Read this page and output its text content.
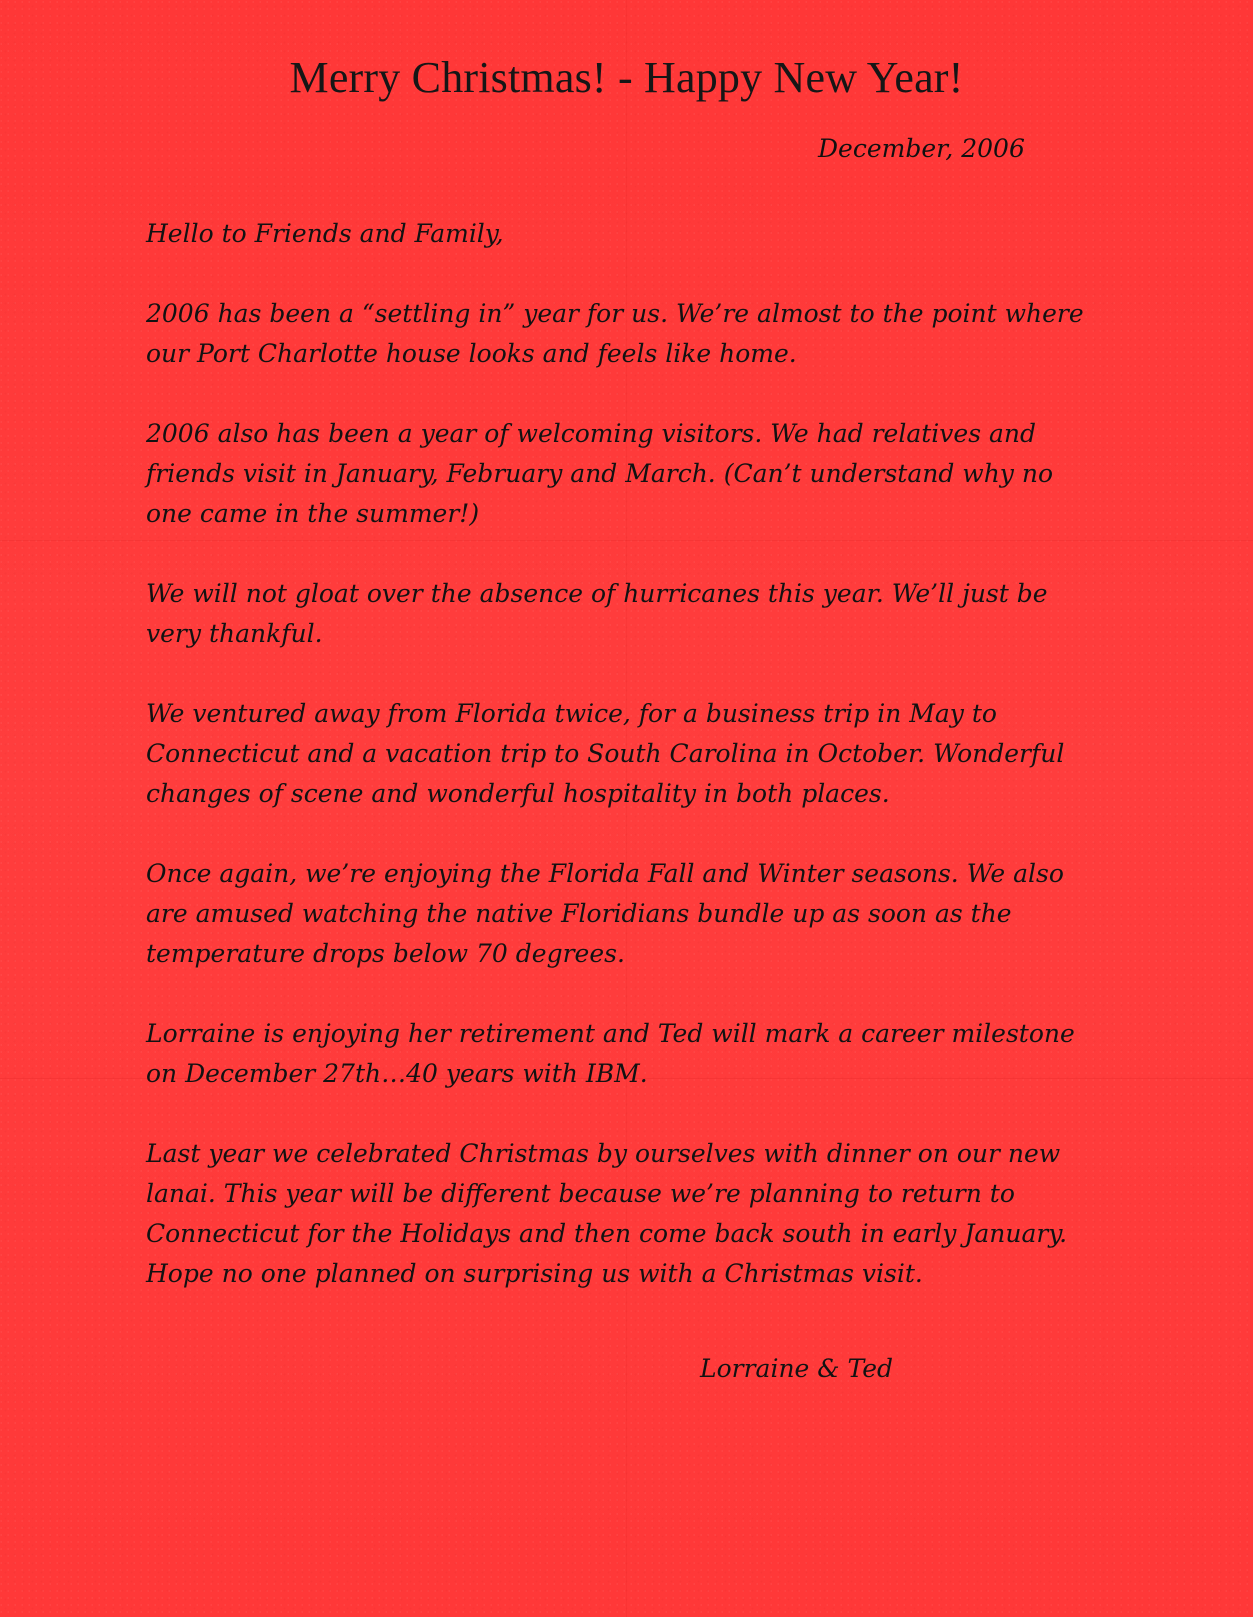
Merry Christmas! - Happy New Year!

December, 2006

Hello to Friends and Family,

2006 has been a “settling in” year for us. We’re almost to the point where our Port Charlotte house looks and feels like home.

2006 also has been a year of welcoming visitors. We had relatives and friends visit in January, February and March. (Can’t understand why no one came in the summer!)

We will not gloat over the absence of hurricanes this year. We’ll just be very thankful.

We ventured away from Florida twice, for a business trip in May to Connecticut and a vacation trip to South Carolina in October. Wonderful changes of scene and wonderful hospitality in both places.

Once again, we’re enjoying the Florida Fall and Winter seasons. We also are amused watching the native Floridians bundle up as soon as the temperature drops below 70 degrees.

Lorraine is enjoying her retirement and Ted will mark a career milestone on December 27th…40 years with IBM.

Last year we celebrated Christmas by ourselves with dinner on our new lanai. This year will be different because we’re planning to return to Connecticut for the Holidays and then come back south in early January. Hope no one planned on surprising us with a Christmas visit.

Lorraine & Ted
